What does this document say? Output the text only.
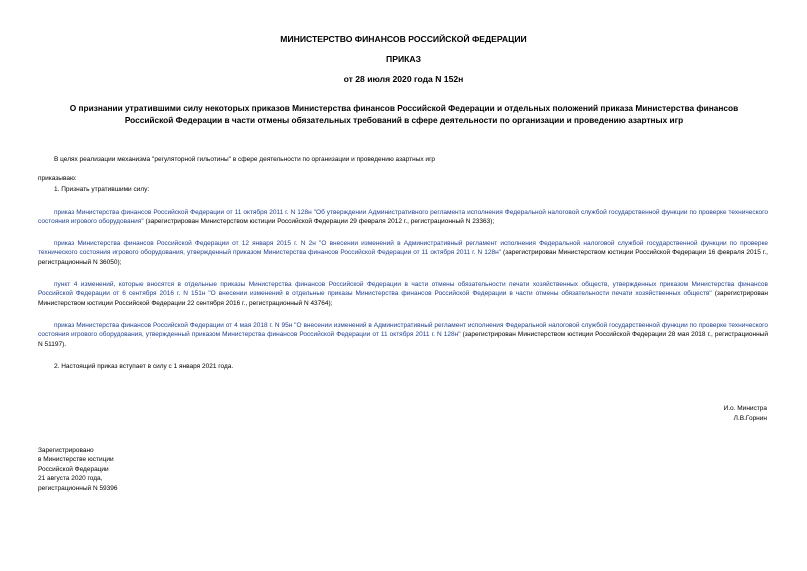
МИНИСТЕРСТВО ФИНАНСОВ РОССИЙСКОЙ ФЕДЕРАЦИИ
ПРИКАЗ
от 28 июля 2020 года N 152н
О признании утратившими силу некоторых приказов Министерства финансов Российской Федерации и отдельных положений приказа Министерства финансов
Российской Федерации в части отмены обязательных требований в сфере деятельности по организации и проведению азартных игр
В целях реализации механизма "регуляторной гильотины" в сфере деятельности по организации и проведению азартных игр
приказываю:
1. Признать утратившими силу:
приказ Министерства финансов Российской Федерации от 11 октября 2011 г. N 128н "Об утверждении Административного регламента исполнения Федеральной налоговой службой государственной функции по проверке технического состояния игрового оборудования" (зарегистрирован Министерством юстиции Российской Федерации 29 февраля 2012 г., регистрационный N 23363);
приказ Министерства финансов Российской Федерации от 12 января 2015 г. N 2н "О внесении изменений в Административный регламент исполнения Федеральной налоговой службой государственной функции по проверке технического состояния игрового оборудования, утвержденный приказом Министерства финансов Российской Федерации от 11 октября 2011 г. N 128н" (зарегистрирован Министерством юстиции Российской Федерации 16 февраля 2015 г., регистрационный N 36050);
пункт 4 изменений, которые вносятся в отдельные приказы Министерства финансов Российской Федерации в части отмены обязательности печати хозяйственных обществ, утвержденных приказом Министерства финансов Российской Федерации от 6 сентября 2016 г. N 151н "О внесении изменений в отдельные приказы Министерства финансов Российской Федерации в части отмены обязательности печати хозяйственных обществ" (зарегистрирован Министерством юстиции Российской Федерации 22 сентября 2016 г., регистрационный N 43764);
приказ Министерства финансов Российской Федерации от 4 мая 2018 г. N 95н "О внесении изменений в Административный регламент исполнения Федеральной налоговой службой государственной функции по проверке технического состояния игрового оборудования, утвержденный приказом Министерства финансов Российской Федерации от 11 октября 2011 г. N 128н" (зарегистрирован Министерством юстиции Российской Федерации 28 мая 2018 г., регистрационный N 51197).
2. Настоящий приказ вступает в силу с 1 января 2021 года.
И.о. Министра
Л.В.Горнин
Зарегистрировано
в Министерстве юстиции
Российской Федерации
21 августа 2020 года,
регистрационный N 59396
